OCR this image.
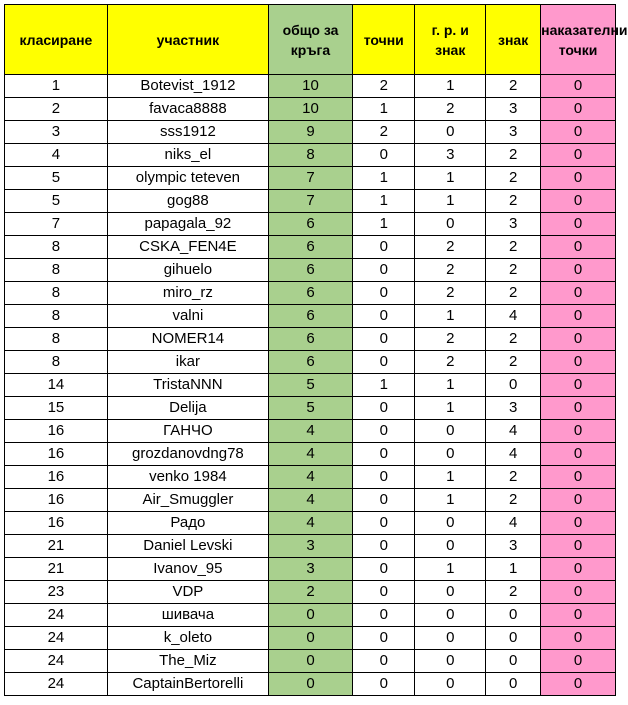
класиране	участник	общо за кръга	точни	г. р. и знак	знак	наказателни точки
1	Botevist_1912	10	2	1	2	0
2	favaca8888	10	1	2	3	0
3	sss1912	9	2	0	3	0
4	niks_el	8	0	3	2	0
5	olympic teteven	7	1	1	2	0
5	gog88	7	1	1	2	0
7	papagala_92	6	1	0	3	0
8	CSKA_FEN4E	6	0	2	2	0
8	gihuelo	6	0	2	2	0
8	miro_rz	6	0	2	2	0
8	valni	6	0	1	4	0
8	NOMER14	6	0	2	2	0
8	ikar	6	0	2	2	0
14	TristaNNN	5	1	1	0	0
15	Delija	5	0	1	3	0
16	ГАНЧО	4	0	0	4	0
16	grozdanovdng78	4	0	0	4	0
16	venko 1984	4	0	1	2	0
16	Air_Smuggler	4	0	1	2	0
16	Радо	4	0	0	4	0
21	Daniel Levski	3	0	0	3	0
21	Ivanov_95	3	0	1	1	0
23	VDP	2	0	0	2	0
24	шивача	0	0	0	0	0
24	k_oleto	0	0	0	0	0
24	The_Miz	0	0	0	0	0
24	CaptainBertorelli	0	0	0	0	0
